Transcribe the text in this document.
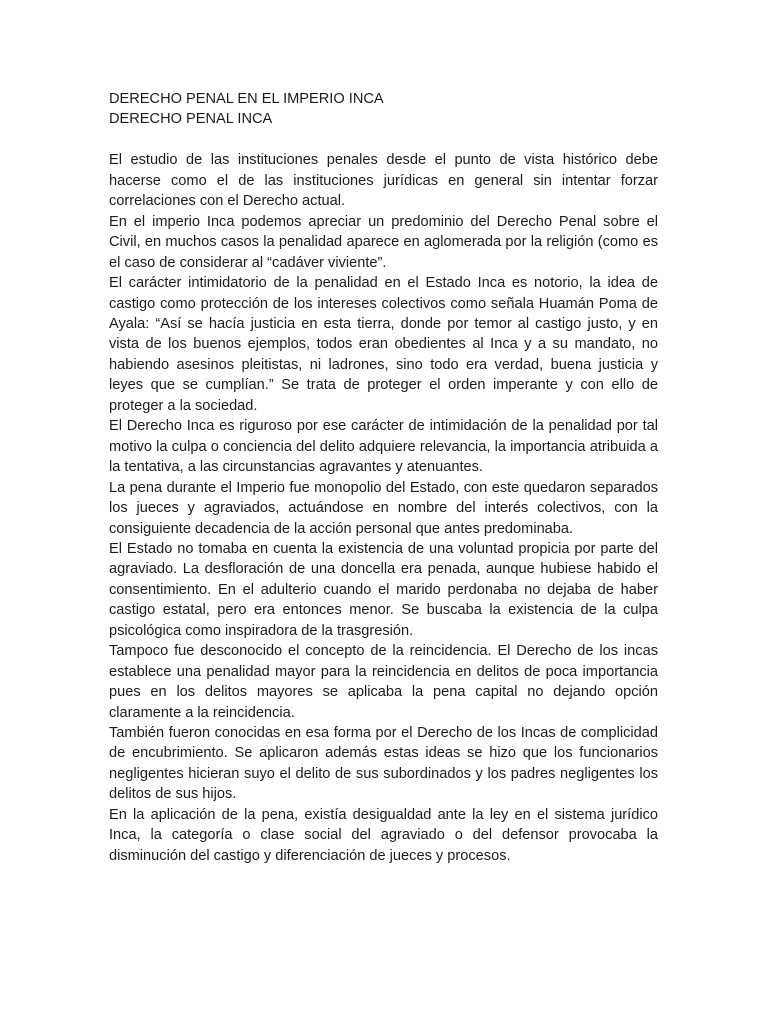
DERECHO PENAL EN EL IMPERIO INCA
DERECHO PENAL INCA

El estudio de las instituciones penales desde el punto de vista histórico debe hacerse como el de las instituciones jurídicas en general sin intentar forzar correlaciones con el Derecho actual.

En el imperio Inca podemos apreciar un predominio del Derecho Penal sobre el Civil, en muchos casos la penalidad aparece en aglomerada por la religión (como es el caso de considerar al “cadáver viviente”.

El carácter intimidatorio de la penalidad en el Estado Inca es notorio, la idea de castigo como protección de los intereses colectivos como señala Huamán Poma de Ayala: “Así se hacía justicia en esta tierra, donde por temor al castigo justo, y en vista de los buenos ejemplos, todos eran obedientes al Inca y a su mandato, no habiendo asesinos pleitistas, ni ladrones, sino todo era verdad, buena justicia y leyes que se cumplían.” Se trata de proteger el orden imperante y con ello de proteger a la sociedad.

El Derecho Inca es riguroso por ese carácter de intimidación de la penalidad por tal motivo la culpa o conciencia del delito adquiere relevancia, la importancia atribuida a la tentativa, a las circunstancias agravantes y atenuantes.

La pena durante el Imperio fue monopolio del Estado, con este quedaron separados los jueces y agraviados, actuándose en nombre del interés colectivos, con la consiguiente decadencia de la acción personal que antes predominaba.

El Estado no tomaba en cuenta la existencia de una voluntad propicia por parte del agraviado. La desfloración de una doncella era penada, aunque hubiese habido el consentimiento. En el adulterio cuando el marido perdonaba no dejaba de haber castigo estatal, pero era entonces menor. Se buscaba la existencia de la culpa psicológica como inspiradora de la trasgresión.

Tampoco fue desconocido el concepto de la reincidencia. El Derecho de los incas establece una penalidad mayor para la reincidencia en delitos de poca importancia pues en los delitos mayores se aplicaba la pena capital no dejando opción claramente a la reincidencia.

También fueron conocidas en esa forma por el Derecho de los Incas de complicidad de encubrimiento. Se aplicaron además estas ideas se hizo que los funcionarios negligentes hicieran suyo el delito de sus subordinados y los padres negligentes los delitos de sus hijos.

En la aplicación de la pena, existía desigualdad ante la ley en el sistema jurídico Inca, la categoría o clase social del agraviado o del defensor provocaba la disminución del castigo y diferenciación de jueces y procesos.
